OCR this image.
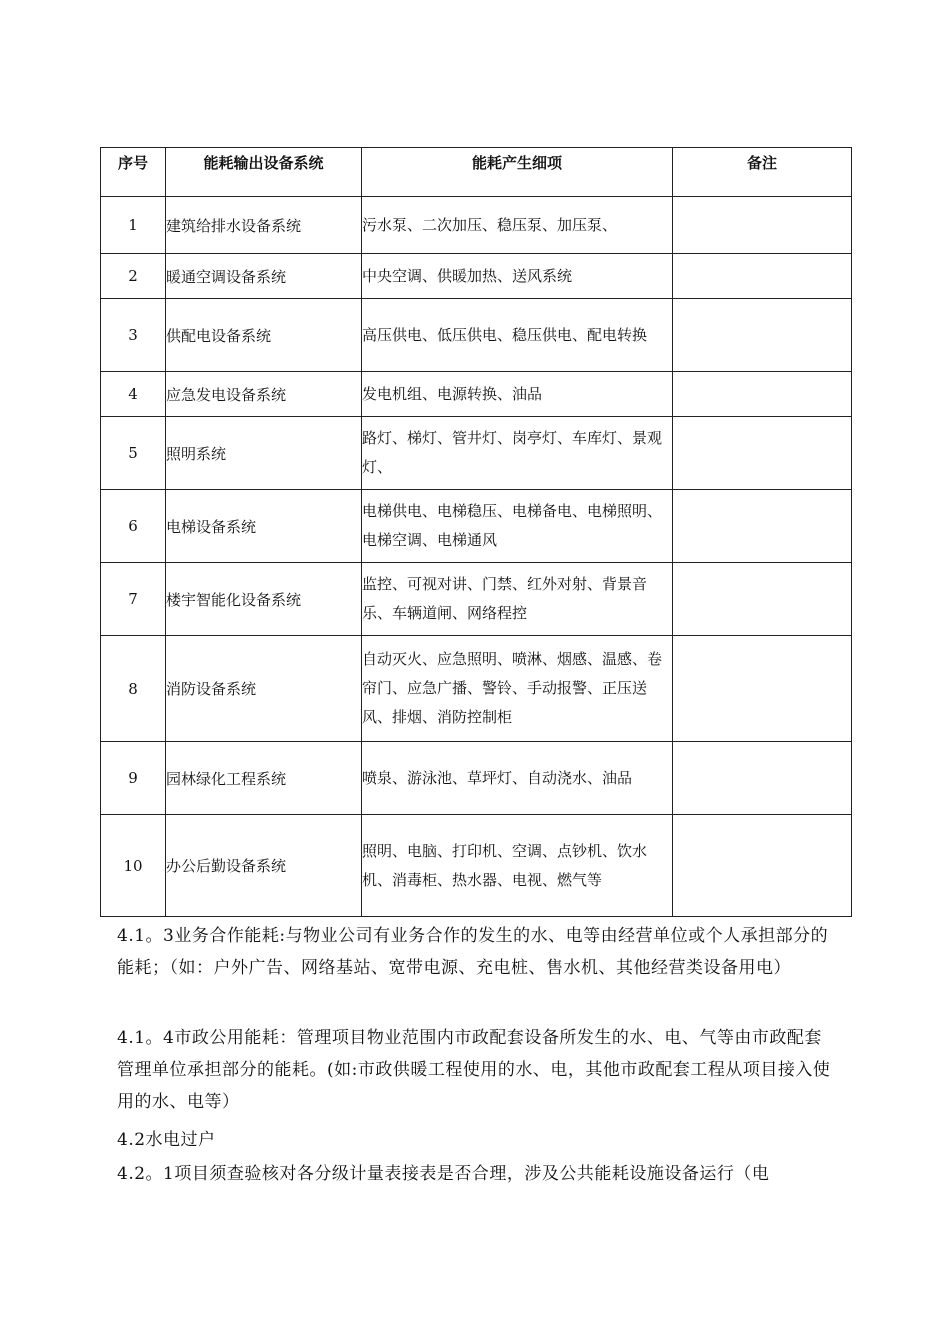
序号	能耗输出设备系统	能耗产生细项	备注
1	建筑给排水设备系统	污水泵、二次加压、稳压泵、加压泵、	

2	暖通空调设备系统	中央空调、供暖加热、送风系统	

3	供配电设备系统	高压供电、低压供电、稳压供电、配电转换	

4	应急发电设备系统	发电机组、电源转换、油品	

5	照明系统	路灯、梯灯、管井灯、岗亭灯、车库灯、景观灯、	

6	电梯设备系统	电梯供电、电梯稳压、电梯备电、电梯照明、电梯空调、电梯通风	

7	楼宇智能化设备系统	监控、可视对讲、门禁、红外对射、背景音乐、车辆道闸、网络程控	

8	消防设备系统	自动灭火、应急照明、喷淋、烟感、温感、卷帘门、应急广播、警铃、手动报警、正压送风、排烟、消防控制柜	

9	园林绿化工程系统	喷泉、游泳池、草坪灯、自动浇水、油品	

10	办公后勤设备系统	照明、电脑、打印机、空调、点钞机、饮水机、消毒柜、热水器、电视、燃气等	

4.1。3业务合作能耗:与物业公司有业务合作的发生的水、电等由经营单位或个人承担部分的能耗；（如：户外广告、网络基站、宽带电源、充电桩、售水机、其他经营类设备用电）

4.1。4市政公用能耗：管理项目物业范围内市政配套设备所发生的水、电、气等由市政配套管理单位承担部分的能耗。(如:市政供暖工程使用的水、电，其他市政配套工程从项目接入使用的水、电等）

4.2水电过户

4.2。1项目须查验核对各分级计量表接表是否合理，涉及公共能耗设施设备运行（电
